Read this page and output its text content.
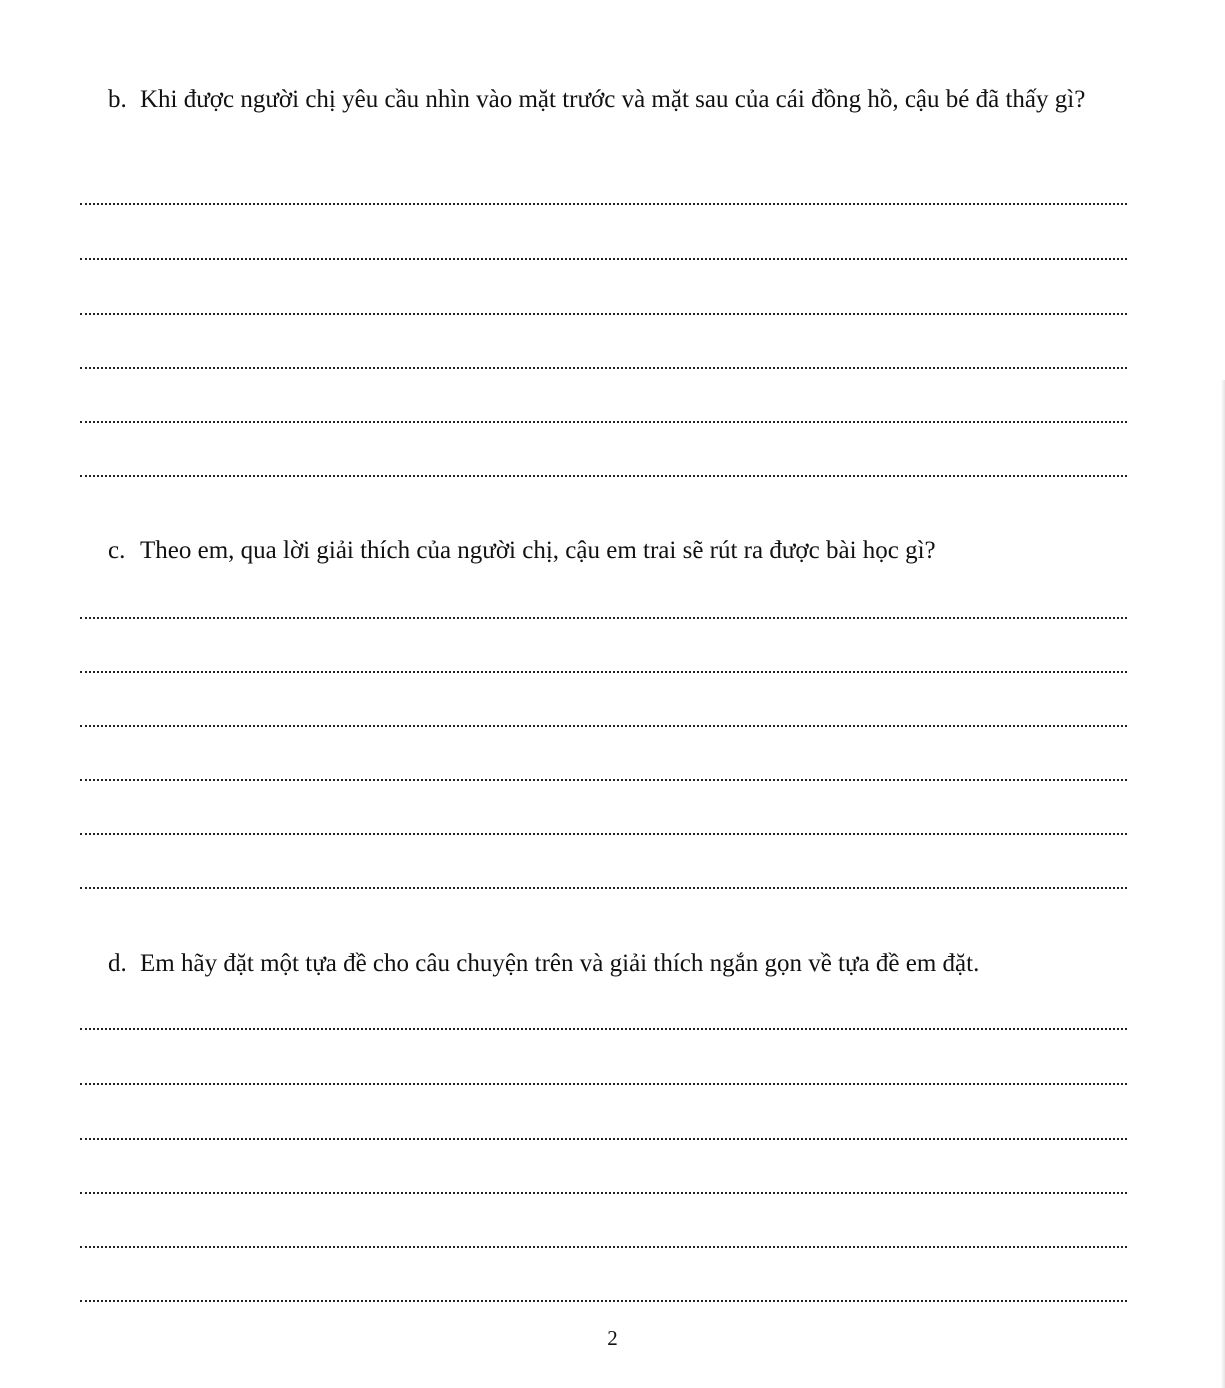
b. Khi được người chị yêu cầu nhìn vào mặt trước và mặt sau của cái đồng hồ, cậu bé đã thấy gì?
c. Theo em, qua lời giải thích của người chị, cậu em trai sẽ rút ra được bài học gì?
d. Em hãy đặt một tựa đề cho câu chuyện trên và giải thích ngắn gọn về tựa đề em đặt.
2
